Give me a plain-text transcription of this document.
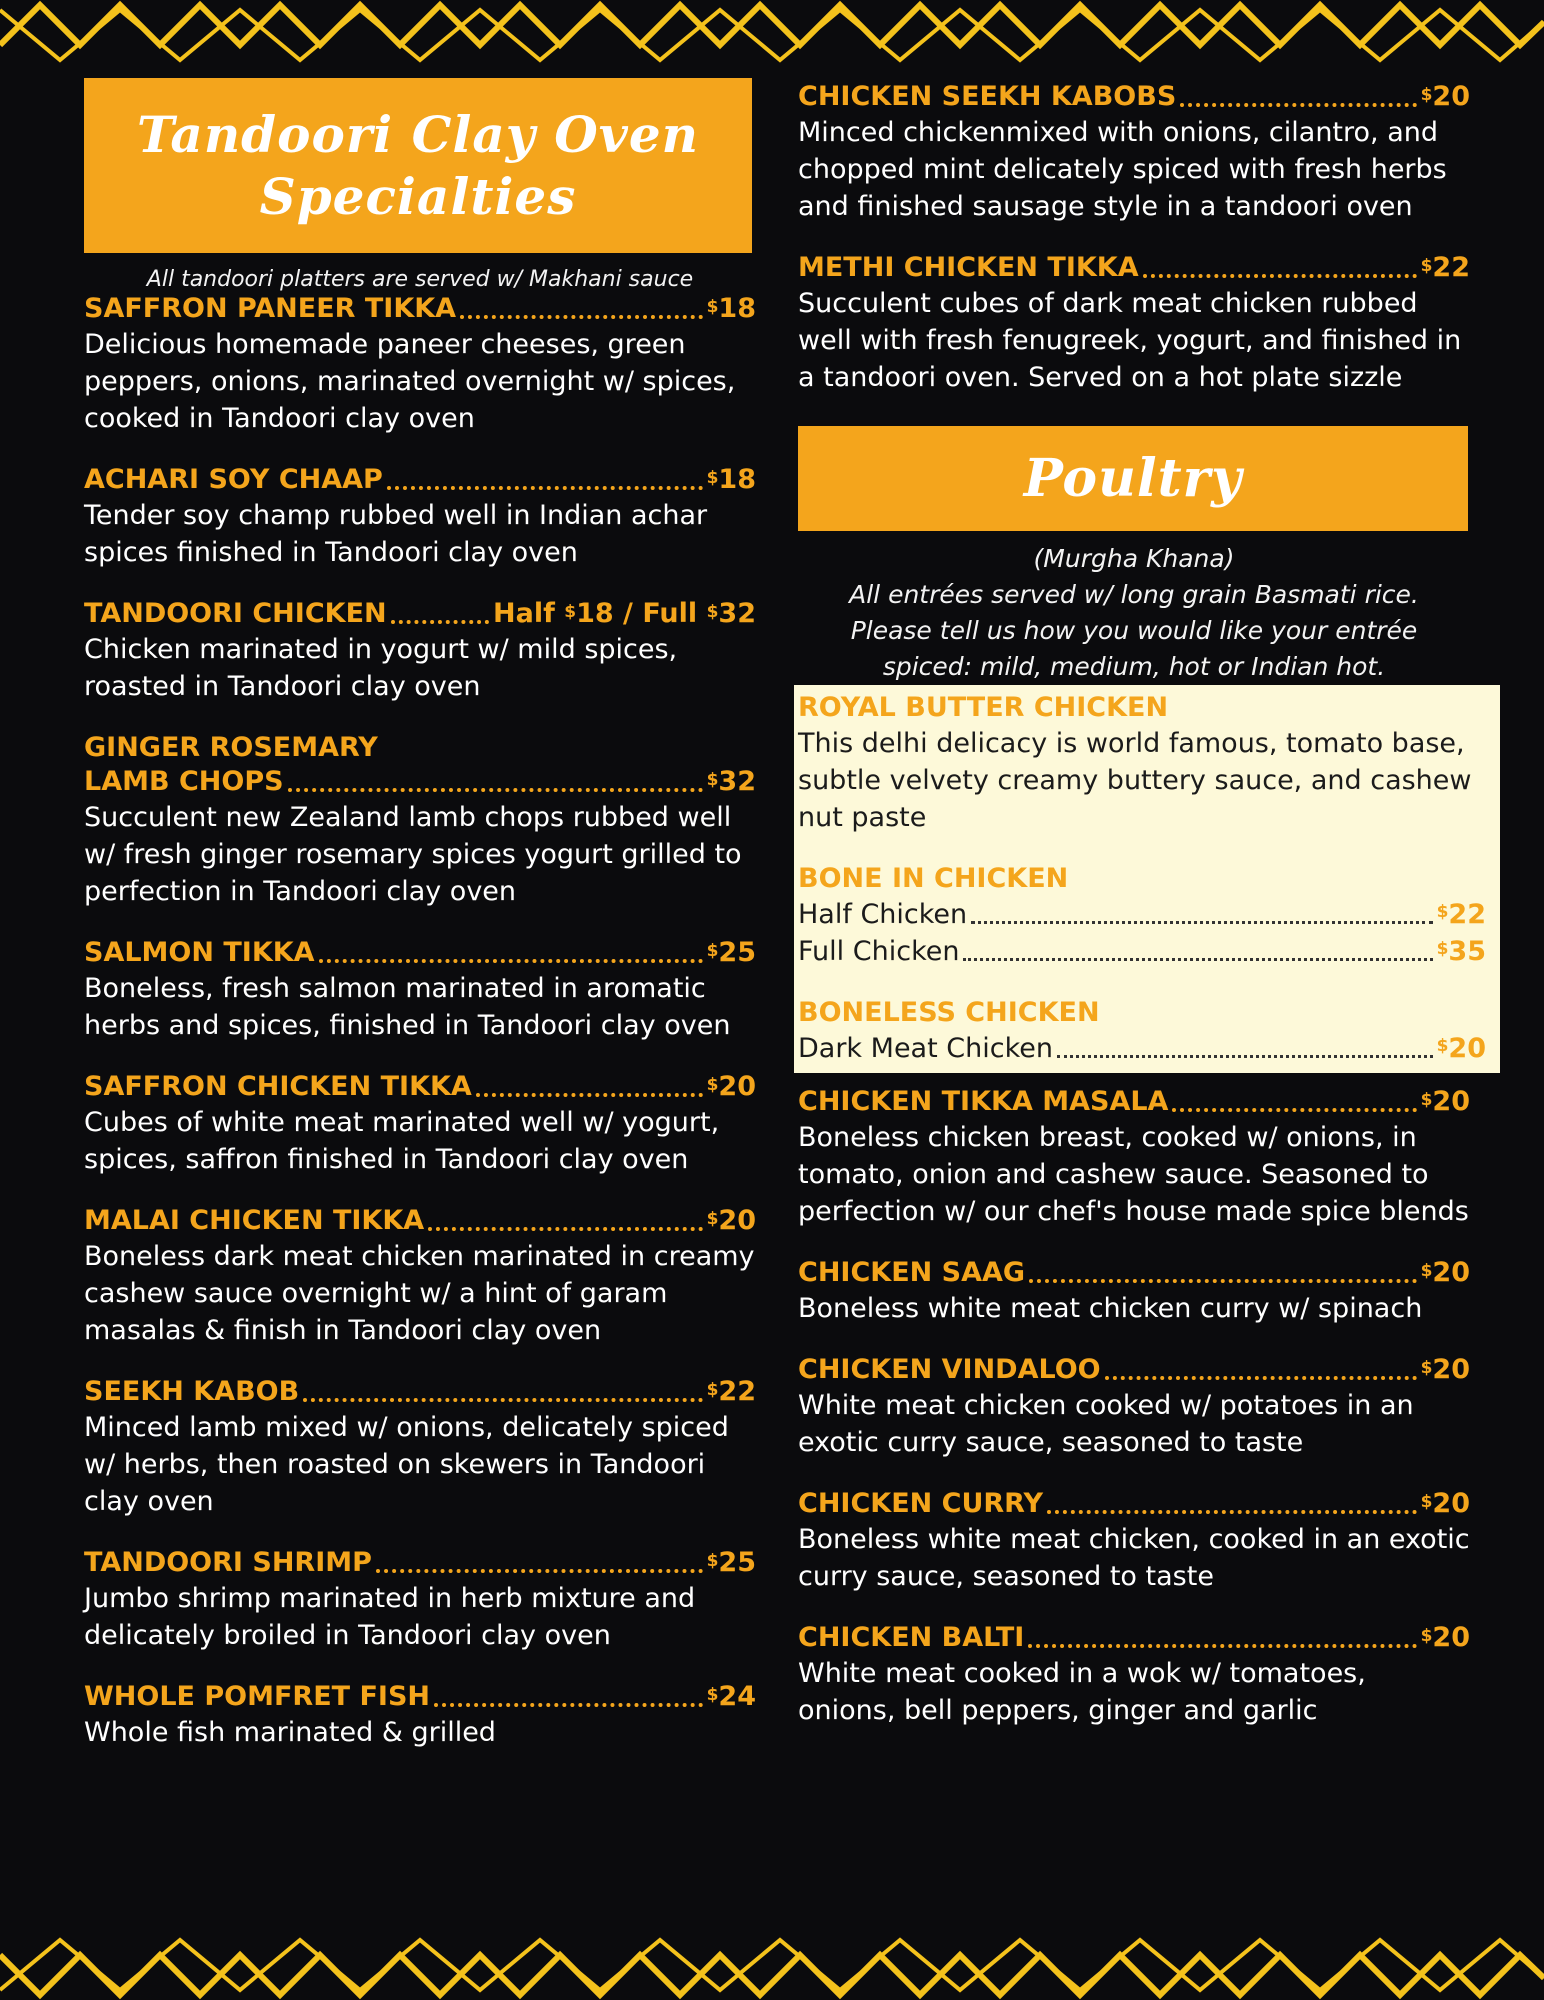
Tandoori Clay Oven
Specialties
All tandoori platters are served w/ Makhani sauce
SAFFRON PANEER TIKKA	$18
Delicious homemade paneer cheeses, green peppers, onions, marinated overnight w/ spices, cooked in Tandoori clay oven
ACHARI SOY CHAAP	$18
Tender soy champ rubbed well in Indian achar spices finished in Tandoori clay oven
TANDOORI CHICKEN	Half $18 / Full $32
Chicken marinated in yogurt w/ mild spices, roasted in Tandoori clay oven
GINGER ROSEMARY
LAMB CHOPS	$32
Succulent new Zealand lamb chops rubbed well w/ fresh ginger rosemary spices yogurt grilled to perfection in Tandoori clay oven
SALMON TIKKA	$25
Boneless, fresh salmon marinated in aromatic herbs and spices, finished in Tandoori clay oven
SAFFRON CHICKEN TIKKA	$20
Cubes of white meat marinated well w/ yogurt, spices, saffron finished in Tandoori clay oven
MALAI CHICKEN TIKKA	$20
Boneless dark meat chicken marinated in creamy cashew sauce overnight w/ a hint of garam masalas & finish in Tandoori clay oven
SEEKH KABOB	$22
Minced lamb mixed w/ onions, delicately spiced w/ herbs, then roasted on skewers in Tandoori clay oven
TANDOORI SHRIMP	$25
Jumbo shrimp marinated in herb mixture and delicately broiled in Tandoori clay oven
WHOLE POMFRET FISH	$24
Whole fish marinated & grilled
CHICKEN SEEKH KABOBS	$20
Minced chickenmixed with onions, cilantro, and chopped mint delicately spiced with fresh herbs and finished sausage style in a tandoori oven
METHI CHICKEN TIKKA	$22
Succulent cubes of dark meat chicken rubbed well with fresh fenugreek, yogurt, and finished in a tandoori oven. Served on a hot plate sizzle
Poultry
(Murgha Khana)
All entrées served w/ long grain Basmati rice.
Please tell us how you would like your entrée
spiced: mild, medium, hot or Indian hot.
ROYAL BUTTER CHICKEN
This delhi delicacy is world famous, tomato base, subtle velvety creamy buttery sauce, and cashew nut paste
BONE IN CHICKEN
Half Chicken	$22
Full Chicken	$35
BONELESS CHICKEN
Dark Meat Chicken	$20
CHICKEN TIKKA MASALA	$20
Boneless chicken breast, cooked w/ onions, in tomato, onion and cashew sauce. Seasoned to perfection w/ our chef's house made spice blends
CHICKEN SAAG	$20
Boneless white meat chicken curry w/ spinach
CHICKEN VINDALOO	$20
White meat chicken cooked w/ potatoes in an exotic curry sauce, seasoned to taste
CHICKEN CURRY	$20
Boneless white meat chicken, cooked in an exotic curry sauce, seasoned to taste
CHICKEN BALTI	$20
White meat cooked in a wok w/ tomatoes, onions, bell peppers, ginger and garlic
